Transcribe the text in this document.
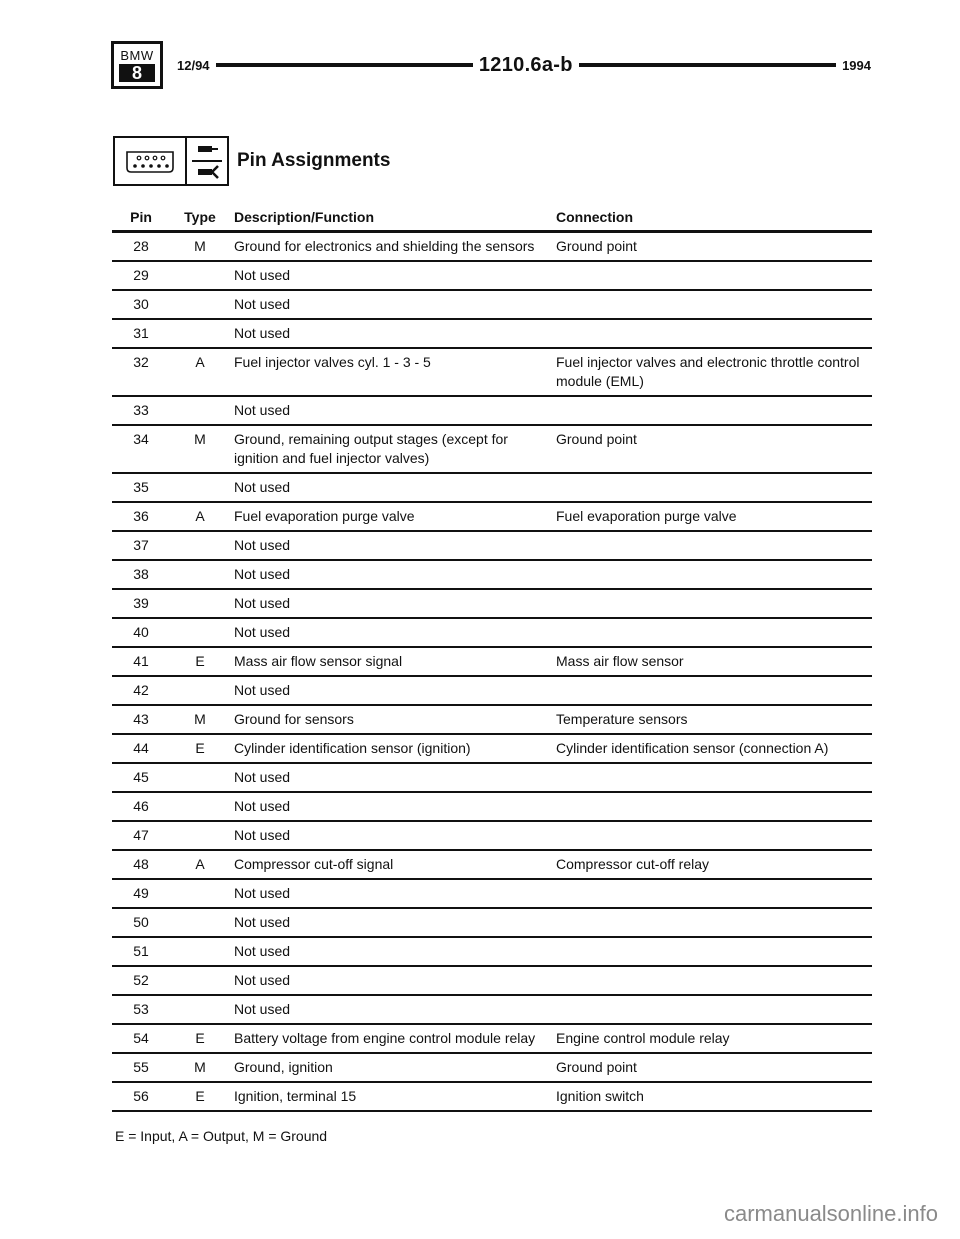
BMW
8	12/94	1210.6a-b	1994
Pin Assignments
Pin	Type	Description/Function	Connection
28	M	Ground for electronics and shielding the sensors	Ground point
29		Not used	
30		Not used	
31		Not used	
32	A	Fuel injector valves cyl. 1 - 3 - 5	Fuel injector valves and electronic throttle control module (EML)
33		Not used	
34	M	Ground, remaining output stages (except for ignition and fuel injector valves)	Ground point
35		Not used	
36	A	Fuel evaporation purge valve	Fuel evaporation purge valve
37		Not used	
38		Not used	
39		Not used	
40		Not used	
41	E	Mass air flow sensor signal	Mass air flow sensor
42		Not used	
43	M	Ground for sensors	Temperature sensors
44	E	Cylinder identification sensor (ignition)	Cylinder identification sensor (connection A)
45		Not used	
46		Not used	
47		Not used	
48	A	Compressor cut-off signal	Compressor cut-off relay
49		Not used	
50		Not used	
51		Not used	
52		Not used	
53		Not used	
54	E	Battery voltage from engine control module relay	Engine control module relay
55	M	Ground, ignition	Ground point
56	E	Ignition, terminal 15	Ignition switch
E = Input, A = Output, M = Ground
carmanualsonline.info
